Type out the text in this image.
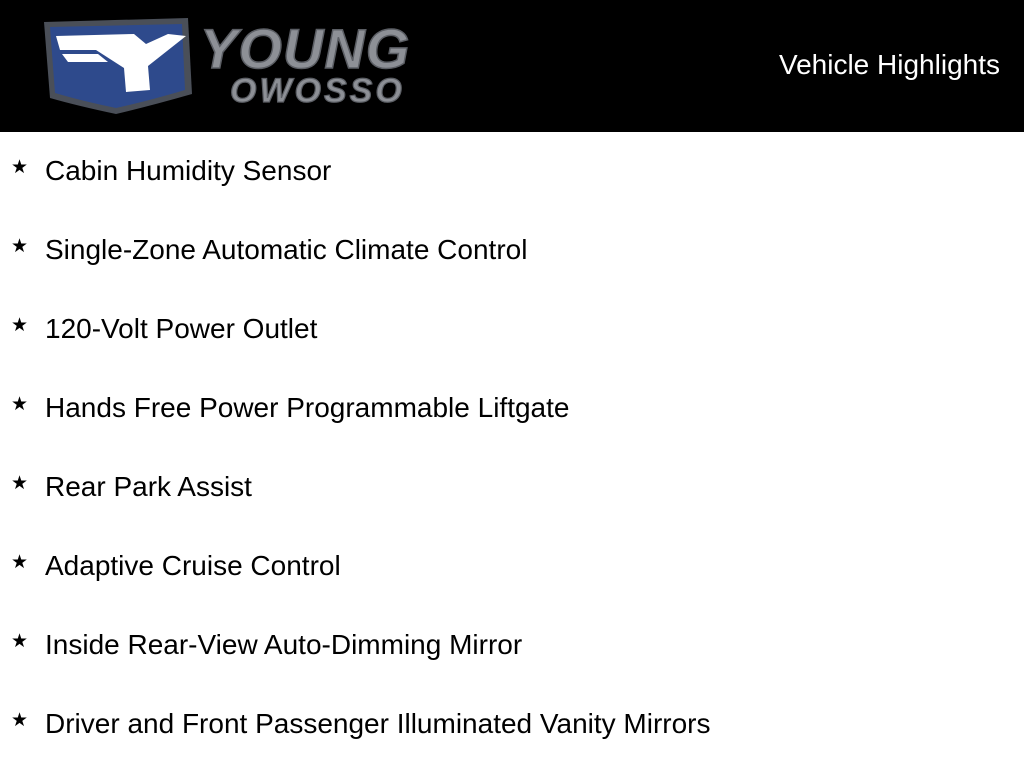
YOUNG
OWOSSO
Vehicle Highlights
★ Cabin Humidity Sensor
★ Single-Zone Automatic Climate Control
★ 120-Volt Power Outlet
★ Hands Free Power Programmable Liftgate
★ Rear Park Assist
★ Adaptive Cruise Control
★ Inside Rear-View Auto-Dimming Mirror
★ Driver and Front Passenger Illuminated Vanity Mirrors
